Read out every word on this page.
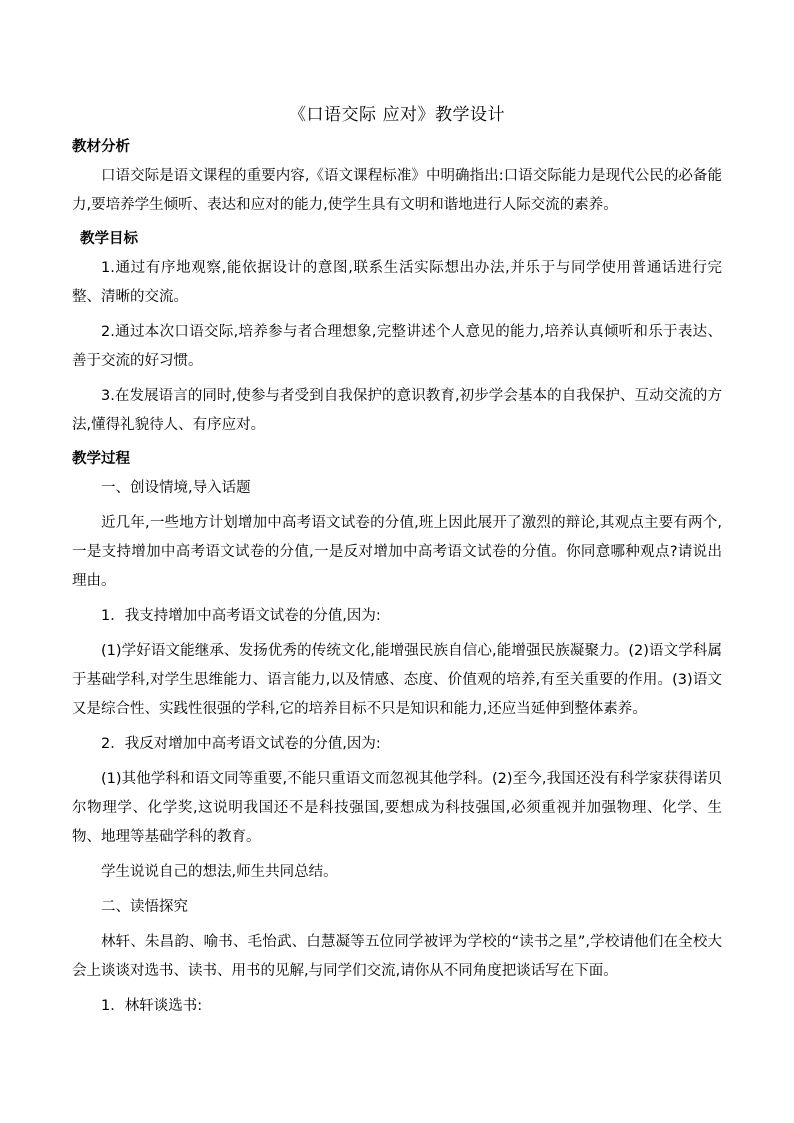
《口语交际 应对》教学设计
教材分析

口语交际是语文课程的重要内容,《语文课程标准》中明确指出:口语交际能力是现代公民的必备能力,要培养学生倾听、表达和应对的能力,使学生具有文明和谐地进行人际交流的素养。

教学目标

1.通过有序地观察,能依据设计的意图,联系生活实际想出办法,并乐于与同学使用普通话进行完整、清晰的交流。

2.通过本次口语交际,培养参与者合理想象,完整讲述个人意见的能力,培养认真倾听和乐于表达、善于交流的好习惯。

3.在发展语言的同时,使参与者受到自我保护的意识教育,初步学会基本的自我保护、互动交流的方法,懂得礼貌待人、有序应对。

教学过程

一、创设情境,导入话题

近几年,一些地方计划增加中高考语文试卷的分值,班上因此展开了激烈的辩论,其观点主要有两个,一是支持增加中高考语文试卷的分值,一是反对增加中高考语文试卷的分值。你同意哪种观点?请说出理由。

1．我支持增加中高考语文试卷的分值,因为:

(1)学好语文能继承、发扬优秀的传统文化,能增强民族自信心,能增强民族凝聚力。(2)语文学科属于基础学科,对学生思维能力、语言能力,以及情感、态度、价值观的培养,有至关重要的作用。(3)语文又是综合性、实践性很强的学科,它的培养目标不只是知识和能力,还应当延伸到整体素养。

2．我反对增加中高考语文试卷的分值,因为:

(1)其他学科和语文同等重要,不能只重语文而忽视其他学科。(2)至今,我国还没有科学家获得诺贝尔物理学、化学奖,这说明我国还不是科技强国,要想成为科技强国,必须重视并加强物理、化学、生物、地理等基础学科的教育。

学生说说自己的想法,师生共同总结。

二、读悟探究

林轩、朱昌韵、喻书、毛怡武、白慧凝等五位同学被评为学校的“读书之星”,学校请他们在全校大会上谈谈对选书、读书、用书的见解,与同学们交流,请你从不同角度把谈话写在下面。

1．林轩谈选书:
